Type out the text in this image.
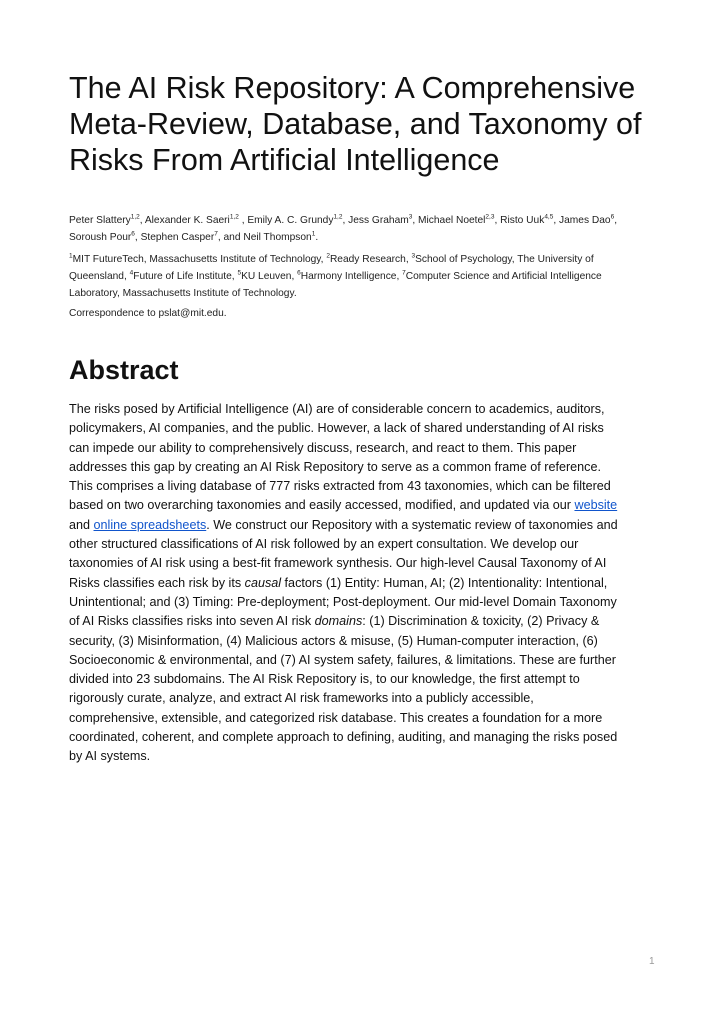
The AI Risk Repository: A Comprehensive
Meta-Review, Database, and Taxonomy of
Risks From Artificial Intelligence
Peter Slattery$^{1,2}$, Alexander K. Saeri$^{1,2}$ , Emily A. C. Grundy$^{1,2}$, Jess Graham$^3$, Michael Noetel$^{2,3}$, Risto Uuk$^{4,5}$, James Dao$^6$,
Soroush Pour$^6$, Stephen Casper$^7$, and Neil Thompson$^1$.
$^1$MIT FutureTech, Massachusetts Institute of Technology, $^2$Ready Research, $^3$School of Psychology, The University of
Queensland, $^4$Future of Life Institute, $^5$KU Leuven, $^6$Harmony Intelligence, $^7$Computer Science and Artificial Intelligence
Laboratory, Massachusetts Institute of Technology.
Correspondence to pslat@mit.edu.
Abstract
The risks posed by Artificial Intelligence (AI) are of considerable concern to academics, auditors,
policymakers, AI companies, and the public. However, a lack of shared understanding of AI risks
can impede our ability to comprehensively discuss, research, and react to them. This paper
addresses this gap by creating an AI Risk Repository to serve as a common frame of reference.
This comprises a living database of 777 risks extracted from 43 taxonomies, which can be filtered
based on two overarching taxonomies and easily accessed, modified, and updated via our website
and online spreadsheets. We construct our Repository with a systematic review of taxonomies and
other structured classifications of AI risk followed by an expert consultation. We develop our
taxonomies of AI risk using a best-fit framework synthesis. Our high-level Causal Taxonomy of AI
Risks classifies each risk by its causal factors (1) Entity: Human, AI; (2) Intentionality: Intentional,
Unintentional; and (3) Timing: Pre-deployment; Post-deployment. Our mid-level Domain Taxonomy
of AI Risks classifies risks into seven AI risk domains: (1) Discrimination & toxicity, (2) Privacy &
security, (3) Misinformation, (4) Malicious actors & misuse, (5) Human-computer interaction, (6)
Socioeconomic & environmental, and (7) AI system safety, failures, & limitations. These are further
divided into 23 subdomains. The AI Risk Repository is, to our knowledge, the first attempt to
rigorously curate, analyze, and extract AI risk frameworks into a publicly accessible,
comprehensive, extensible, and categorized risk database. This creates a foundation for a more
coordinated, coherent, and complete approach to defining, auditing, and managing the risks posed
by AI systems.
1
